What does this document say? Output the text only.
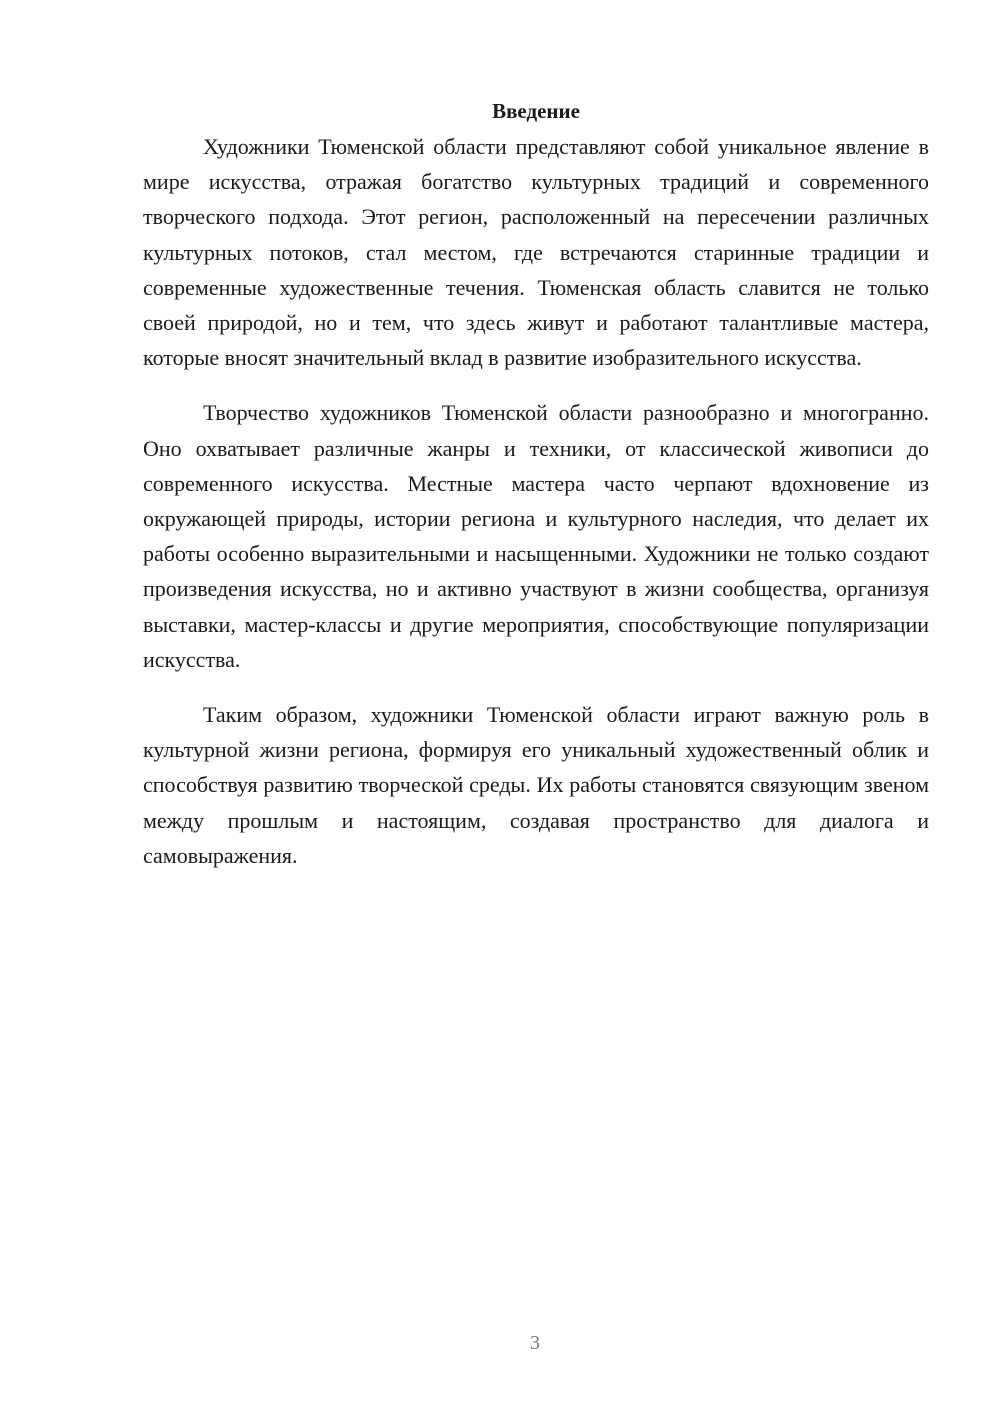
Введение

Художники Тюменской области представляют собой уникальное явление в мире искусства, отражая богатство культурных традиций и современного творческого подхода. Этот регион, расположенный на пересечении различных культурных потоков, стал местом, где встречаются старинные традиции и современные художественные течения. Тюменская область славится не только своей природой, но и тем, что здесь живут и работают талантливые мастера, которые вносят значительный вклад в развитие изобразительного искусства.

Творчество художников Тюменской области разнообразно и многогранно. Оно охватывает различные жанры и техники, от классической живописи до современного искусства. Местные мастера часто черпают вдохновение из окружающей природы, истории региона и культурного наследия, что делает их работы особенно выразительными и насыщенными. Художники не только создают произведения искусства, но и активно участвуют в жизни сообщества, организуя выставки, мастер-классы и другие мероприятия, способствующие популяризации искусства.

Таким образом, художники Тюменской области играют важную роль в культурной жизни региона, формируя его уникальный художественный облик и способствуя развитию творческой среды. Их работы становятся связующим звеном между прошлым и настоящим, создавая пространство для диалога и самовыражения.

3
